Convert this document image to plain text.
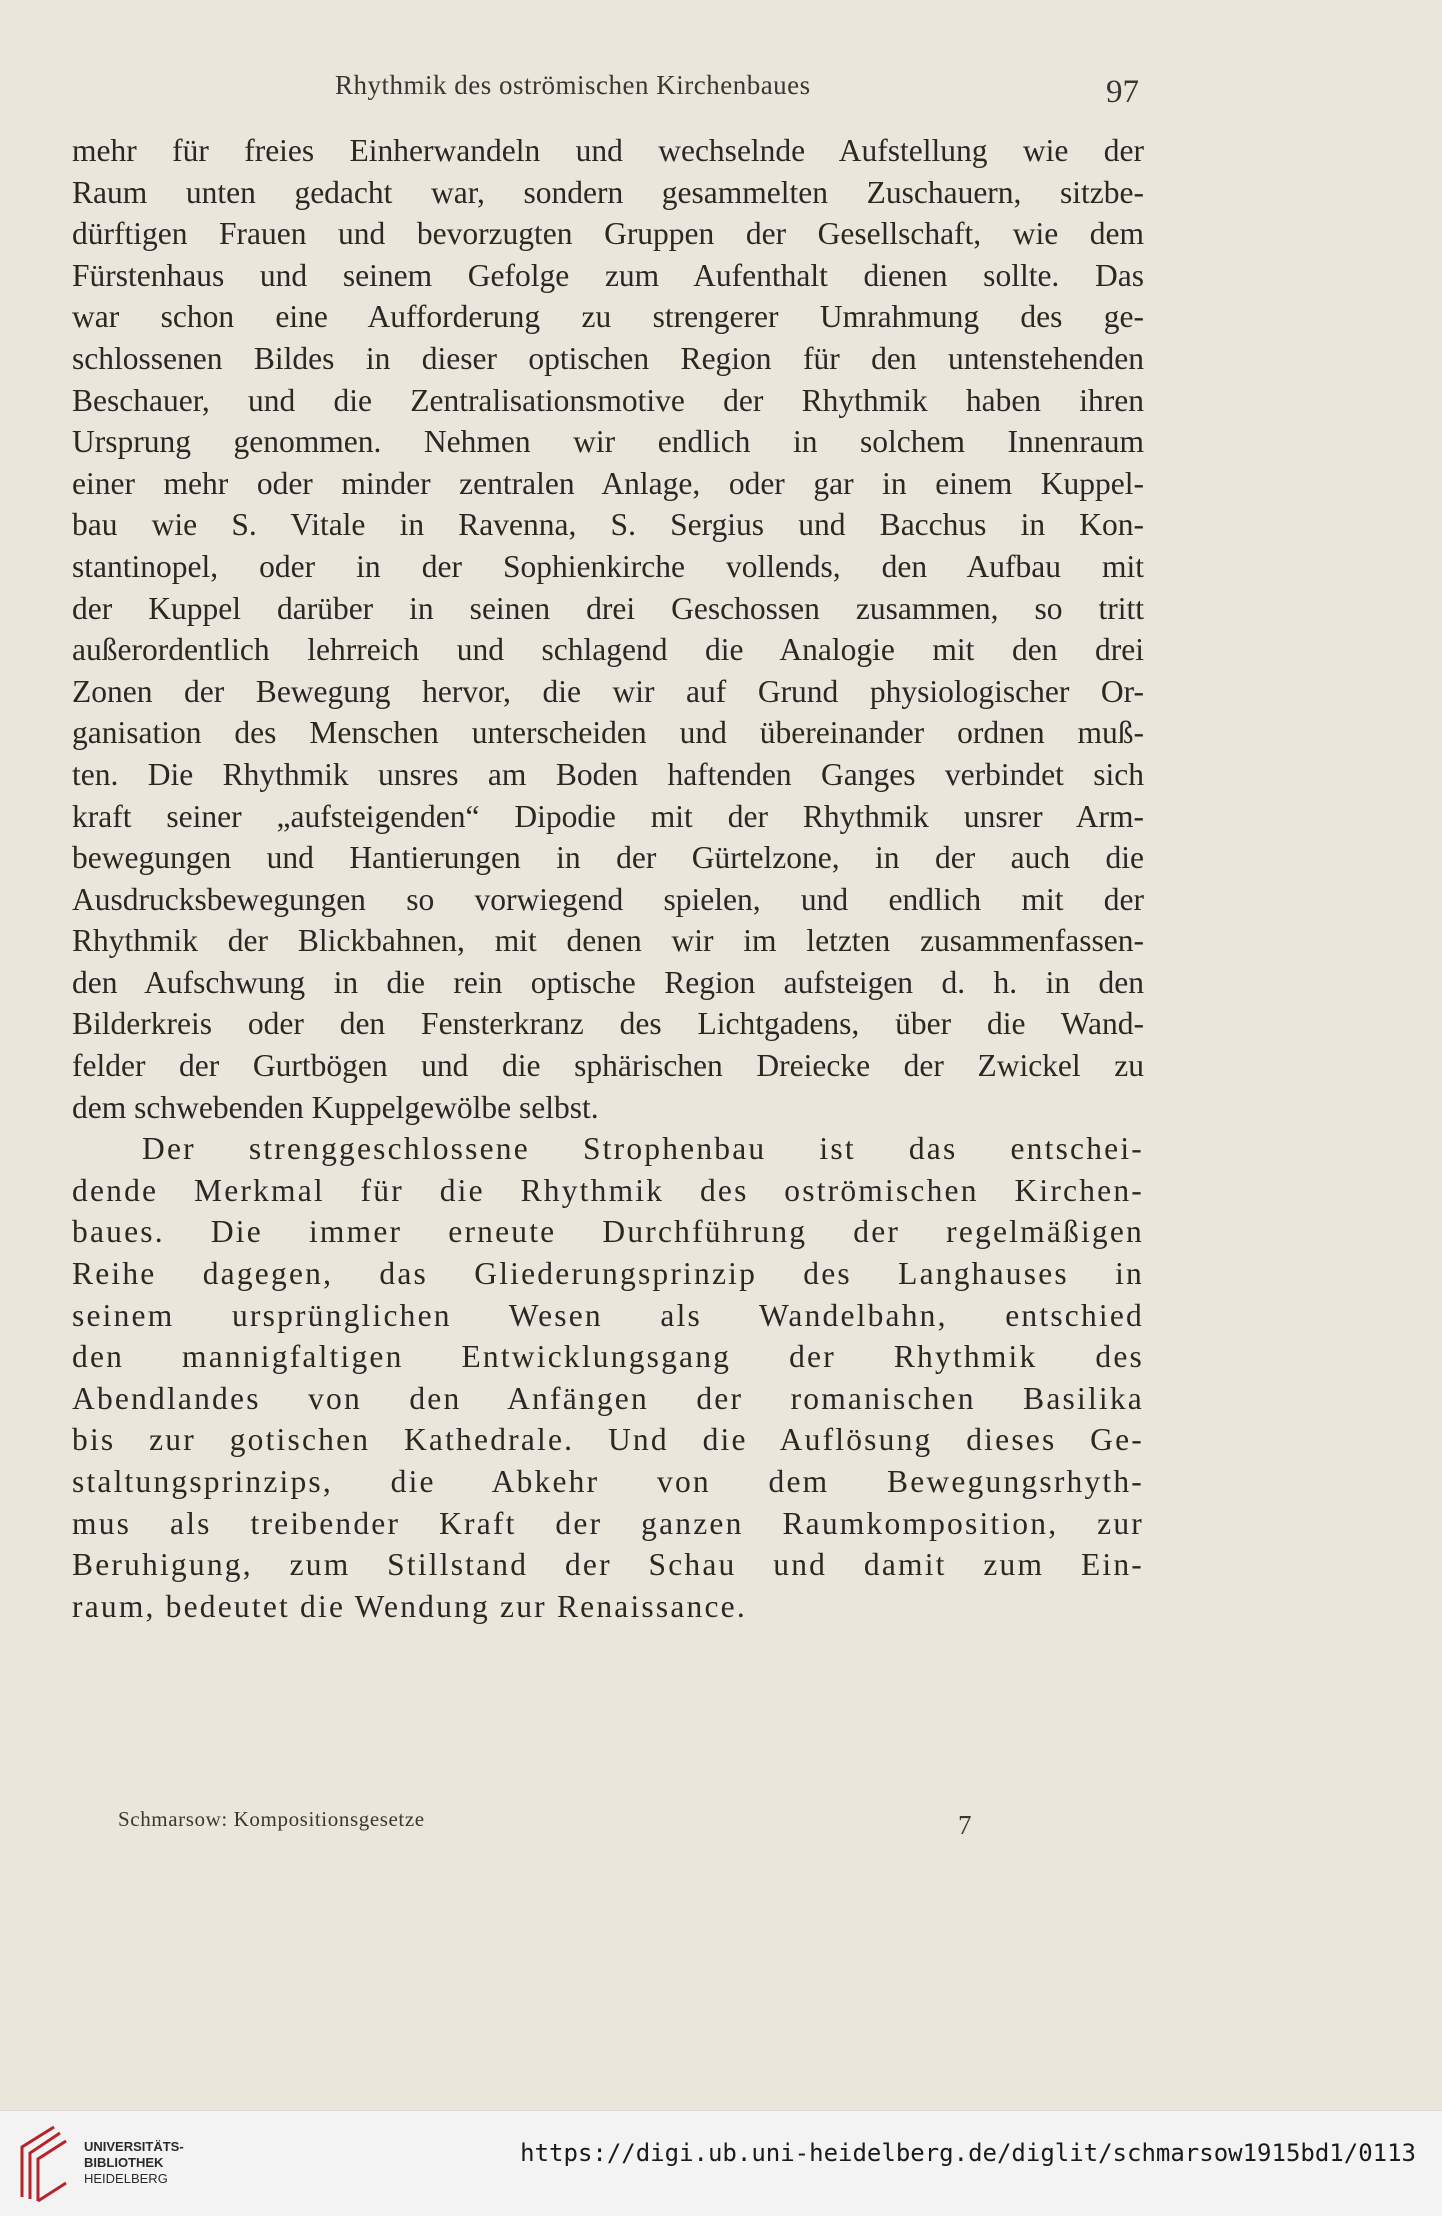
Rhythmik des oströmischen Kirchenbaues	97
mehr für freies Einherwandeln und wechselnde Aufstellung wie der
Raum unten gedacht war, sondern gesammelten Zuschauern, sitzbe-
dürftigen Frauen und bevorzugten Gruppen der Gesellschaft, wie dem
Fürstenhaus und seinem Gefolge zum Aufenthalt dienen sollte. Das
war schon eine Aufforderung zu strengerer Umrahmung des ge-
schlossenen Bildes in dieser optischen Region für den untenstehenden
Beschauer, und die Zentralisationsmotive der Rhythmik haben ihren
Ursprung genommen. Nehmen wir endlich in solchem Innenraum
einer mehr oder minder zentralen Anlage, oder gar in einem Kuppel-
bau wie S. Vitale in Ravenna, S. Sergius und Bacchus in Kon-
stantinopel, oder in der Sophienkirche vollends, den Aufbau mit
der Kuppel darüber in seinen drei Geschossen zusammen, so tritt
außerordentlich lehrreich und schlagend die Analogie mit den drei
Zonen der Bewegung hervor, die wir auf Grund physiologischer Or-
ganisation des Menschen unterscheiden und übereinander ordnen muß-
ten. Die Rhythmik unsres am Boden haftenden Ganges verbindet sich
kraft seiner „aufsteigenden“ Dipodie mit der Rhythmik unsrer Arm-
bewegungen und Hantierungen in der Gürtelzone, in der auch die
Ausdrucksbewegungen so vorwiegend spielen, und endlich mit der
Rhythmik der Blickbahnen, mit denen wir im letzten zusammenfassen-
den Aufschwung in die rein optische Region aufsteigen d. h. in den
Bilderkreis oder den Fensterkranz des Lichtgadens, über die Wand-
felder der Gurtbögen und die sphärischen Dreiecke der Zwickel zu
dem schwebenden Kuppelgewölbe selbst.
Der strenggeschlossene Strophenbau ist das entschei-
dende Merkmal für die Rhythmik des oströmischen Kirchen-
baues. Die immer erneute Durchführung der regelmäßigen
Reihe dagegen, das Gliederungsprinzip des Langhauses in
seinem ursprünglichen Wesen als Wandelbahn, entschied
den mannigfaltigen Entwicklungsgang der Rhythmik des
Abendlandes von den Anfängen der romanischen Basilika
bis zur gotischen Kathedrale. Und die Auflösung dieses Ge-
staltungsprinzips, die Abkehr von dem Bewegungsrhyth-
mus als treibender Kraft der ganzen Raumkomposition, zur
Beruhigung, zum Stillstand der Schau und damit zum Ein-
raum, bedeutet die Wendung zur Renaissance.
Schmarsow: Kompositionsgesetze	7
UNIVERSITÄTS-
BIBLIOTHEK
HEIDELBERG
https://digi.ub.uni-heidelberg.de/diglit/schmarsow1915bd1/0113
